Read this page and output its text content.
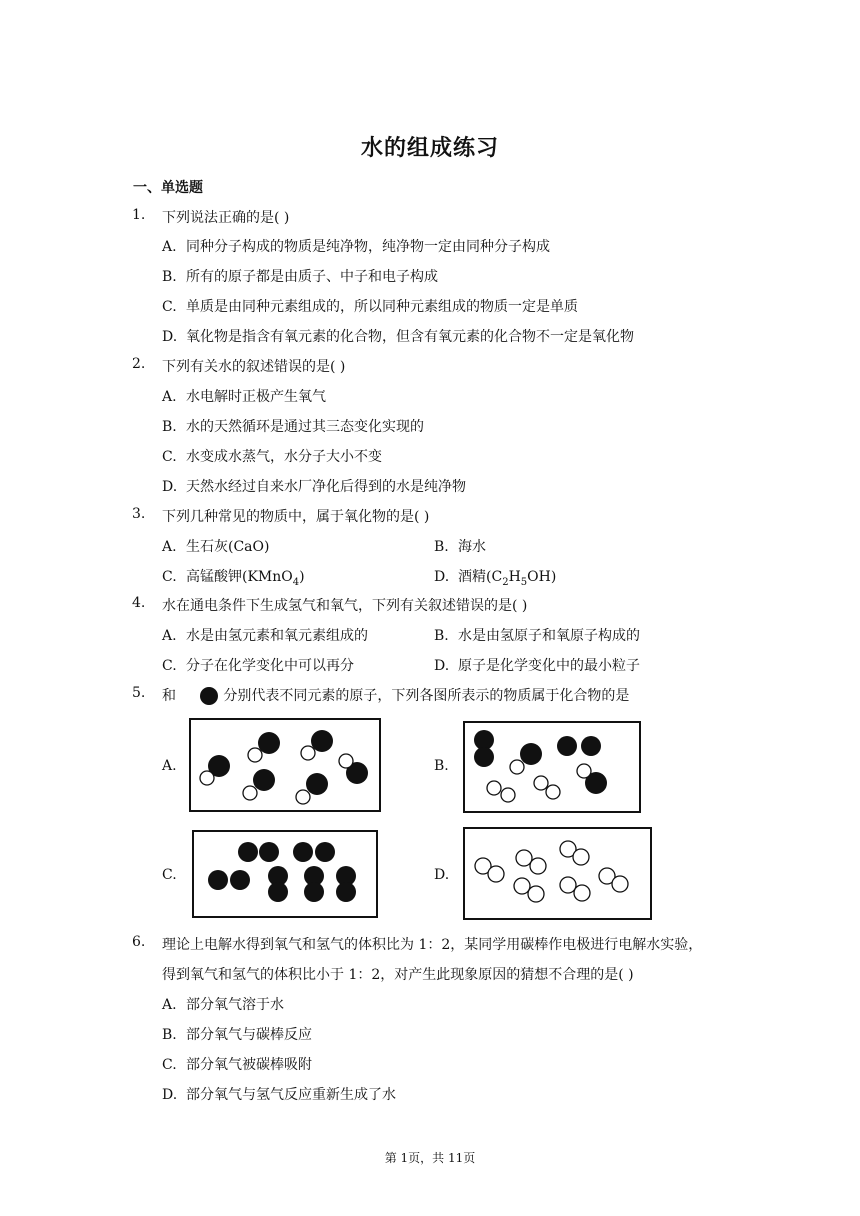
水的组成练习
一、单选题
1. 下列说法正确的是( )
A. 同种分子构成的物质是纯净物，纯净物一定由同种分子构成
B. 所有的原子都是由质子、中子和电子构成
C. 单质是由同种元素组成的，所以同种元素组成的物质一定是单质
D. 氧化物是指含有氧元素的化合物，但含有氧元素的化合物不一定是氧化物
2. 下列有关水的叙述错误的是( )
A. 水电解时正极产生氧气
B. 水的天然循环是通过其三态变化实现的
C. 水变成水蒸气，水分子大小不变
D. 天然水经过自来水厂净化后得到的水是纯净物
3. 下列几种常见的物质中，属于氧化物的是( )
A. 生石灰(CaO)	B. 海水
C. 高锰酸钾(KMnO$_4$)	D. 酒精$(C_2H_5OH)$
4. 水在通电条件下生成氢气和氧气，下列有关叙述错误的是( )
A. 水是由氢元素和氧元素组成的	B. 水是由氢原子和氧原子构成的
C. 分子在化学变化中可以再分	D. 原子是化学变化中的最小粒子
5. 和	分别代表不同元素的原子，下列各图所表示的物质属于化合物的是
A.	B.
C.	D.
6. 理论上电解水得到氧气和氢气的体积比为 1：2，某同学用碳棒作电极进行电解水实验，
得到氧气和氢气的体积比小于 1：2，对产生此现象原因的猜想不合理的是( )
A. 部分氧气溶于水
B. 部分氧气与碳棒反应
C. 部分氧气被碳棒吸附
D. 部分氧气与氢气反应重新生成了水
第 1页，共 11页
